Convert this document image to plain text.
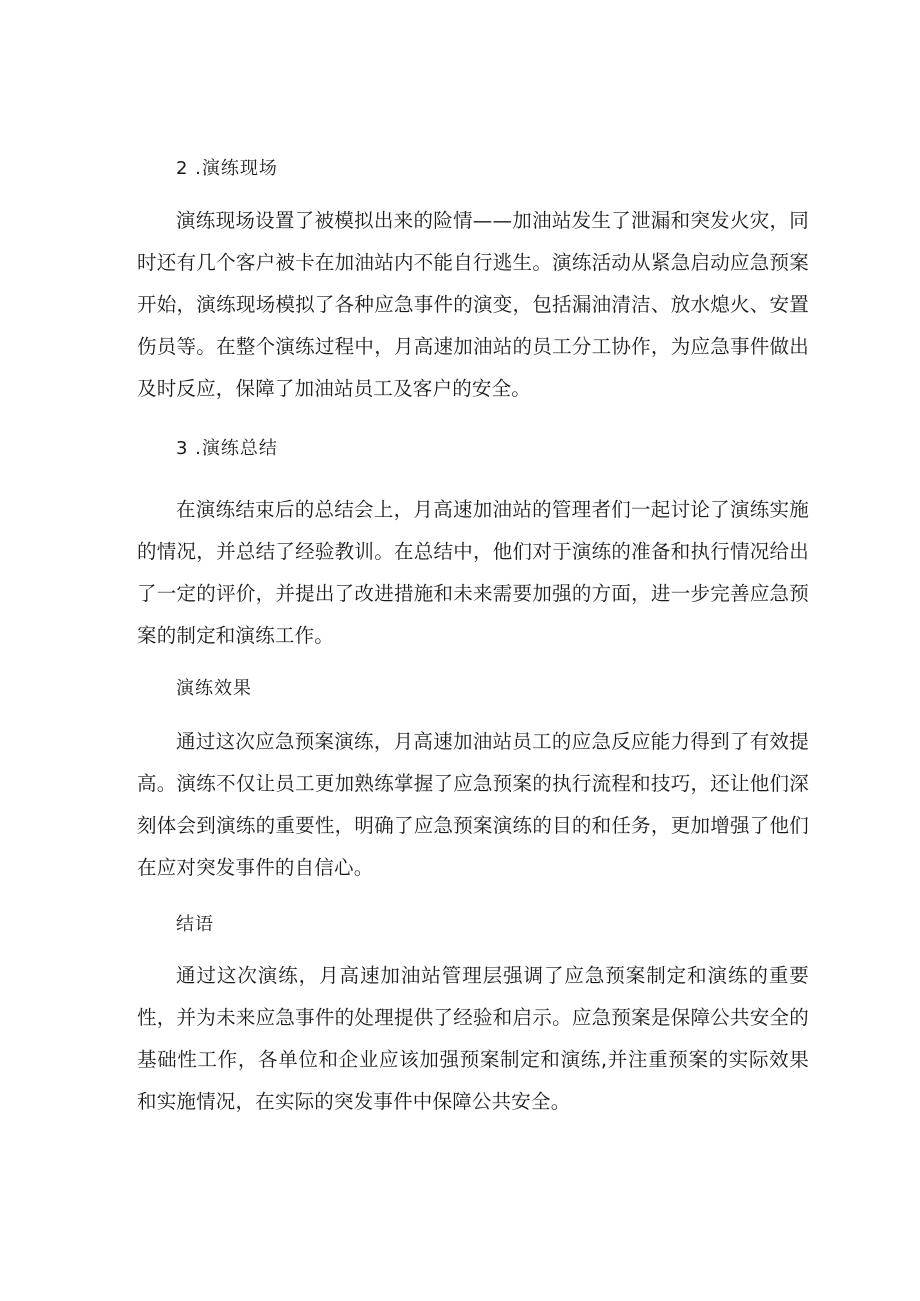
2 .演练现场
演练现场设置了被模拟出来的险情——加油站发生了泄漏和突发火灾，同时还有几个客户被卡在加油站内不能自行逃生。演练活动从紧急启动应急预案开始，演练现场模拟了各种应急事件的演变，包括漏油清洁、放水熄火、安置伤员等。在整个演练过程中，月高速加油站的员工分工协作，为应急事件做出及时反应，保障了加油站员工及客户的安全。
3 .演练总结
在演练结束后的总结会上，月高速加油站的管理者们一起讨论了演练实施的情况，并总结了经验教训。在总结中，他们对于演练的准备和执行情况给出了一定的评价，并提出了改进措施和未来需要加强的方面，进一步完善应急预案的制定和演练工作。
演练效果
通过这次应急预案演练，月高速加油站员工的应急反应能力得到了有效提高。演练不仅让员工更加熟练掌握了应急预案的执行流程和技巧，还让他们深刻体会到演练的重要性，明确了应急预案演练的目的和任务，更加增强了他们在应对突发事件的自信心。
结语
通过这次演练，月高速加油站管理层强调了应急预案制定和演练的重要性，并为未来应急事件的处理提供了经验和启示。应急预案是保障公共安全的基础性工作，各单位和企业应该加强预案制定和演练,并注重预案的实际效果和实施情况，在实际的突发事件中保障公共安全。
